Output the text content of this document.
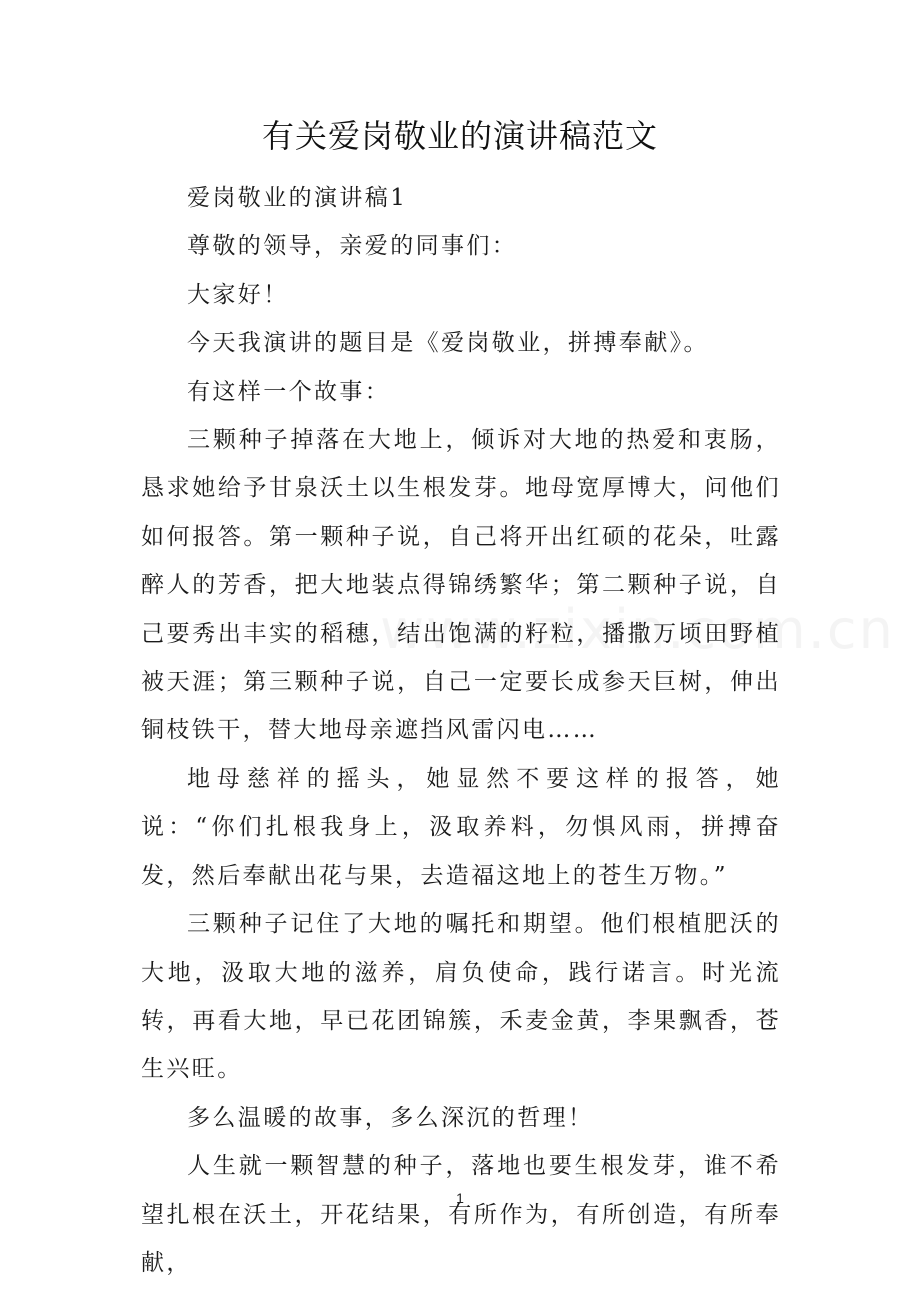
有关爱岗敬业的演讲稿范文

爱岗敬业的演讲稿1

尊敬的领导，亲爱的同事们：

大家好！

今天我演讲的题目是《爱岗敬业，拼搏奉献》。

有这样一个故事：

三颗种子掉落在大地上，倾诉对大地的热爱和衷肠，恳求她给予甘泉沃土以生根发芽。地母宽厚博大，问他们如何报答。第一颗种子说，自己将开出红硕的花朵，吐露醉人的芳香，把大地装点得锦绣繁华；第二颗种子说，自己要秀出丰实的稻穗，结出饱满的籽粒，播撒万顷田野植被天涯；第三颗种子说，自己一定要长成参天巨树，伸出铜枝铁干，替大地母亲遮挡风雷闪电……

地母慈祥的摇头，她显然不要这样的报答，她说：“你们扎根我身上，汲取养料，勿惧风雨，拼搏奋发，然后奉献出花与果，去造福这地上的苍生万物。”

三颗种子记住了大地的嘱托和期望。他们根植肥沃的大地，汲取大地的滋养，肩负使命，践行诺言。时光流转，再看大地，早已花团锦簇，禾麦金黄，李果飘香，苍生兴旺。

多么温暖的故事，多么深沉的哲理！

人生就一颗智慧的种子，落地也要生根发芽，谁不希望扎根在沃土，开花结果，有所作为，有所创造，有所奉献，

1
